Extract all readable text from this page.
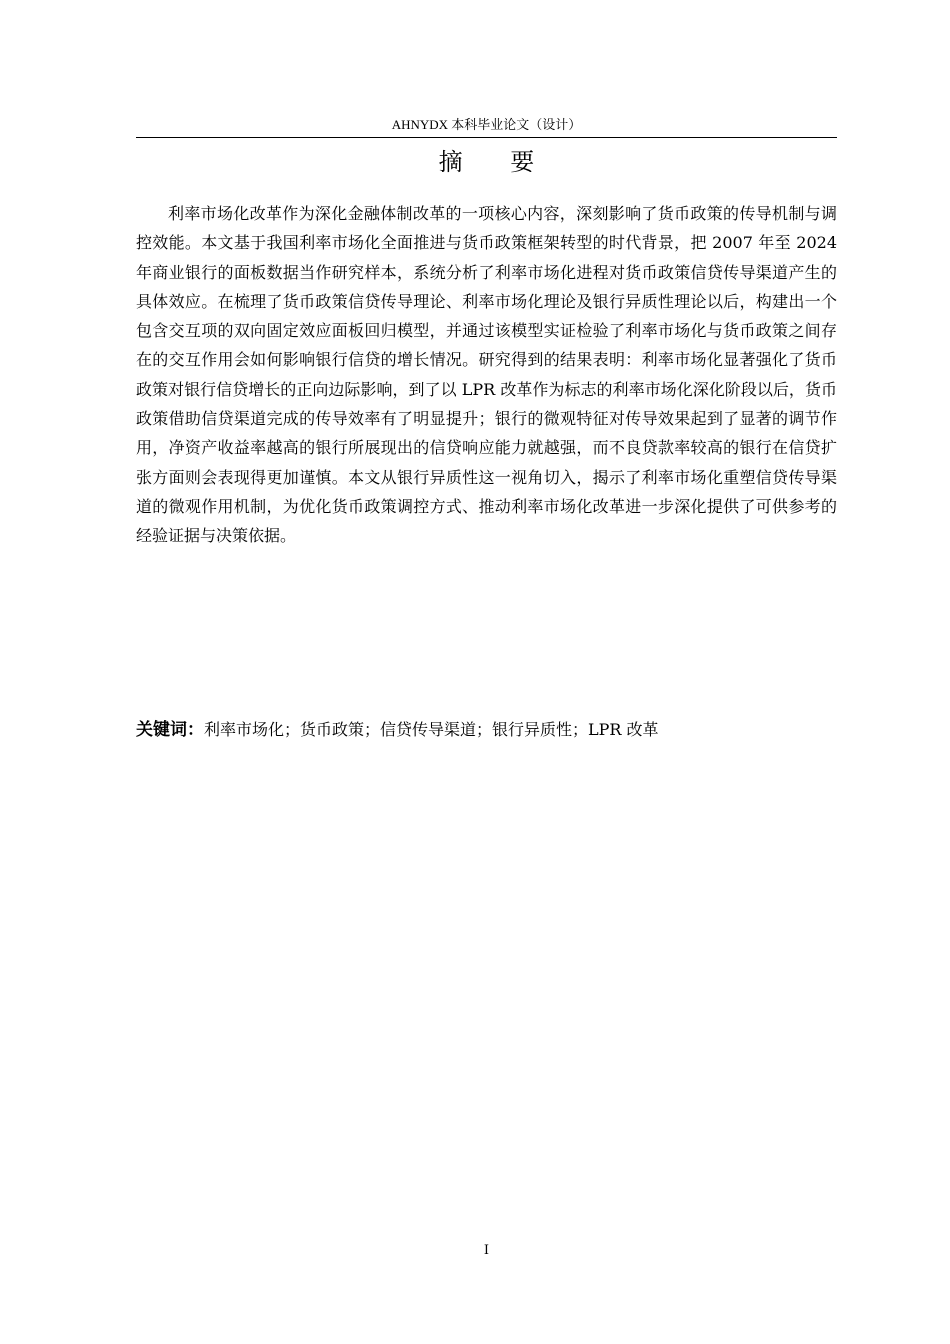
AHNYDX 本科毕业论文（设计）
摘 要

利率市场化改革作为深化金融体制改革的一项核心内容，深刻影响了货币政策的传导机制与调控效能。本文基于我国利率市场化全面推进与货币政策框架转型的时代背景，把 2007 年至 2024 年商业银行的面板数据当作研究样本，系统分析了利率市场化进程对货币政策信贷传导渠道产生的具体效应。在梳理了货币政策信贷传导理论、利率市场化理论及银行异质性理论以后，构建出一个包含交互项的双向固定效应面板回归模型，并通过该模型实证检验了利率市场化与货币政策之间存在的交互作用会如何影响银行信贷的增长情况。研究得到的结果表明：利率市场化显著强化了货币政策对银行信贷增长的正向边际影响，到了以 LPR 改革作为标志的利率市场化深化阶段以后，货币政策借助信贷渠道完成的传导效率有了明显提升；银行的微观特征对传导效果起到了显著的调节作用，净资产收益率越高的银行所展现出的信贷响应能力就越强，而不良贷款率较高的银行在信贷扩张方面则会表现得更加谨慎。本文从银行异质性这一视角切入，揭示了利率市场化重塑信贷传导渠道的微观作用机制，为优化货币政策调控方式、推动利率市场化改革进一步深化提供了可供参考的经验证据与决策依据。

关键词：利率市场化；货币政策；信贷传导渠道；银行异质性；LPR 改革
I
